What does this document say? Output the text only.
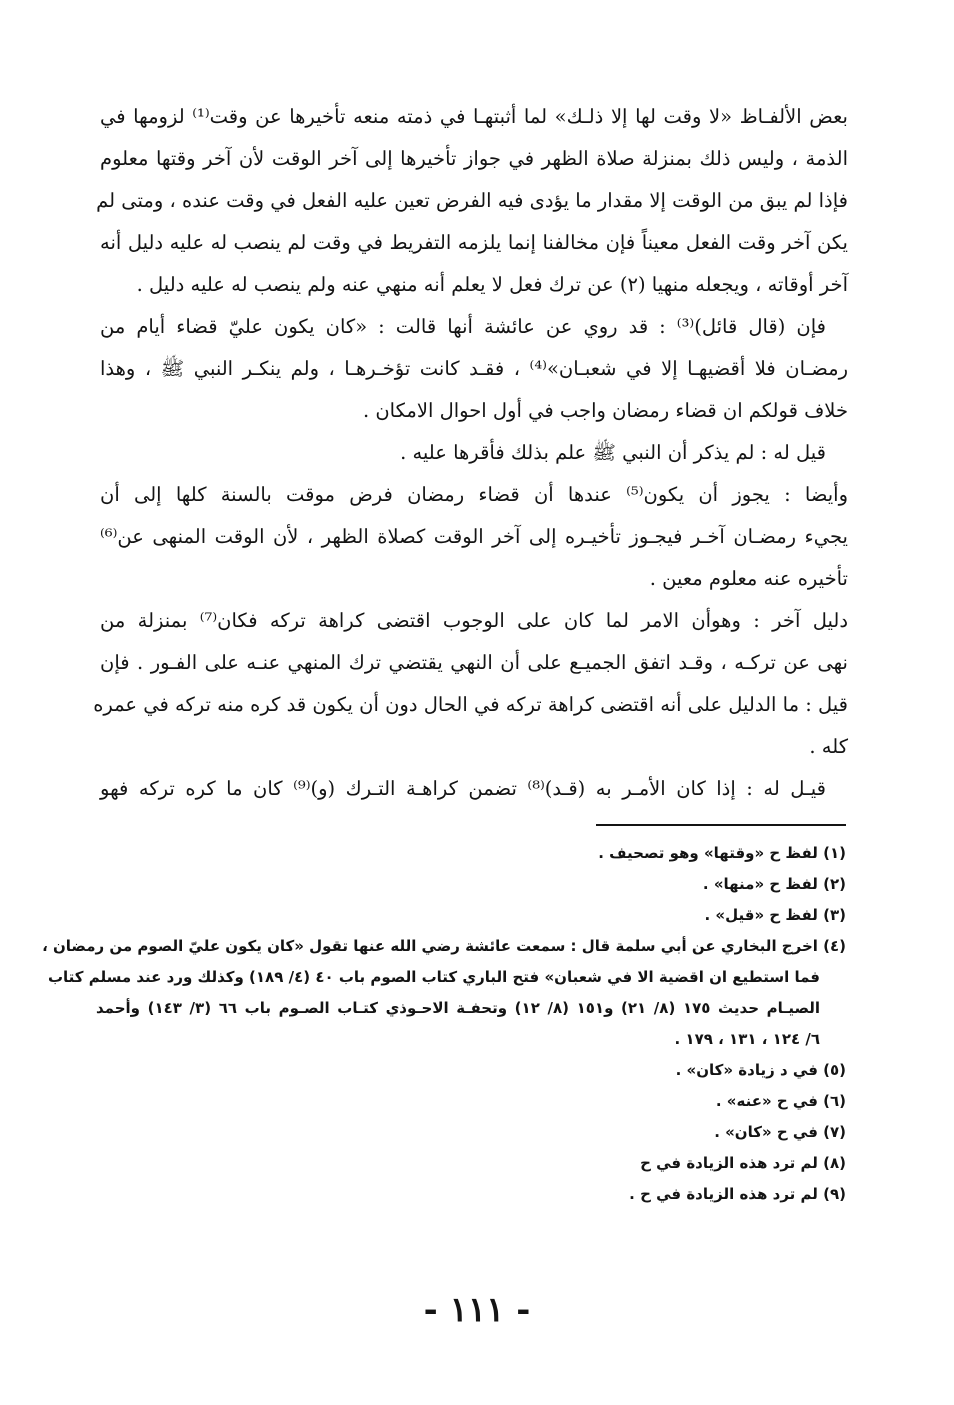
بعض الألفـاظ «لا وقت لها إلا ذلـك» لما أثبتهـا في ذمته منعه تأخيرها عن وقت⁽¹⁾ لزومها في
الذمة ، وليس ذلك بمنزلة صلاة الظهر في جواز تأخيرها إلى آخر الوقت لأن آخر وقتها معلوم
فإذا لم يبق من الوقت إلا مقدار ما يؤدى فيه الفرض تعين عليه الفعل في وقت عنده ، ومتى لم
يكن آخر وقت الفعل معيناً فإن مخالفنا إنما يلزمه التفريط في وقت لم ينصب له عليه دليل أنه
آخر أوقاته ، ويجعله منهيا (٢) عن ترك فعل لا يعلم أنه منهي عنه ولم ينصب له عليه دليل .
فإن (قال قائل)⁽³⁾ : قد روي عن عائشة أنها قالت : «كان يكون عليّ قضاء أيام من
رمضـان فلا أقضيهـا إلا في شعبـان»⁽⁴⁾ ، فقـد كانت تؤخـرهـا ، ولم ينكـر النبي ﷺ ، وهذا
خلاف قولكم ان قضاء رمضان واجب في أول احوال الامكان .
قيل له : لم يذكر أن النبي ﷺ علم بذلك فأقرها عليه .
وأيضا : يجوز أن يكون⁽⁵⁾ عندها أن قضاء رمضان فرض موقت بالسنة كلها إلى أن
يجيء رمضـان آخـر فيجـوز تأخيـره إلى آخر الوقت كصلاة الظهر ، لأن الوقت المنهى عن⁽⁶⁾
تأخيره عنه معلوم معين .
دليل آخر : وهوأن الامر لما كان على الوجوب اقتضى كراهة تركه فكان⁽⁷⁾ بمنزلة من
نهى عن تركـه ، وقـد اتفق الجميـع على أن النهي يقتضي ترك المنهي عنـه على الفـور . فإن
قيل : ما الدليل على أنه اقتضى كراهة تركه في الحال دون أن يكون قد كره منه تركه في عمره
كله .
قيـل له : إذا كان الأمـر به (قـد)⁽⁸⁾ تضمن كراهـة التـرك (و)⁽⁹⁾ كان ما كره تركه فهو
(١) لفظ ح «وقتها» وهو تصحيف .
(٢) لفظ ح «منها» .
(٣) لفظ ح «قيل» .
(٤) اخرج البخاري عن أبي سلمة قال : سمعت عائشة رضي الله عنها تقول «كان يكون عليّ الصوم من رمضان ،
فما استطيع ان اقضية الا في شعبان» فتح الباري كتاب الصوم باب ٤٠ (٤/ ١٨٩) وكذلك ورد عند مسلم كتاب
الصيـام حديث ١٧٥ (٨/ ٢١) و١٥١ (٨/ ١٢) وتحفـة الاحـوذي كتـاب الصـوم باب ٦٦ (٣/ ١٤٣) وأحمد
٦/ ١٢٤ ، ١٣١ ، ١٧٩ .
(٥) في د زيادة «كان» .
(٦) في ح «عنه» .
(٧) في ح «كان» .
(٨) لم ترد هذه الزيادة في ح
(٩) لم ترد هذه الزيادة في ح .
- ١١١ -
